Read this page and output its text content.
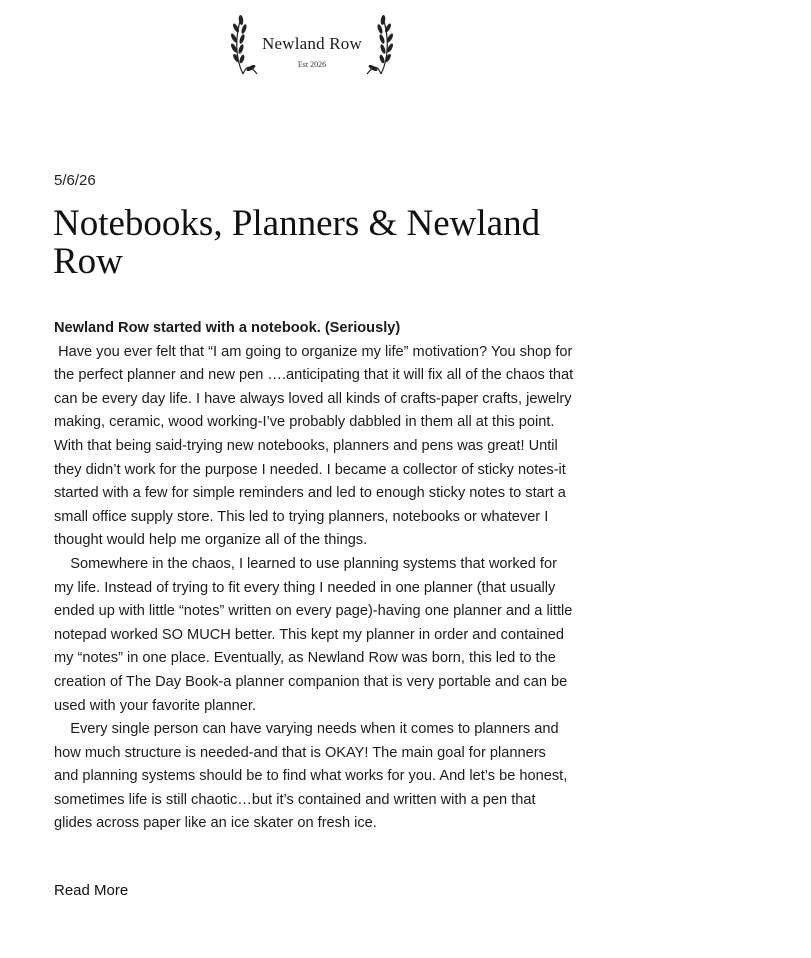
Newland Row
Est 2026
5/6/26
Notebooks, Planners & Newland Row

Newland Row started with a notebook. (Seriously)

Have you ever felt that “I am going to organize my life” motivation? You shop for the perfect planner and new pen ….anticipating that it will fix all of the chaos that can be every day life. I have always loved all kinds of crafts-paper crafts, jewelry making, ceramic, wood working-I’ve probably dabbled in them all at this point. With that being said-trying new notebooks, planners and pens was great! Until they didn’t work for the purpose I needed. I became a collector of sticky notes-it started with a few for simple reminders and led to enough sticky notes to start a small office supply store. This led to trying planners, notebooks or whatever I thought would help me organize all of the things.

Somewhere in the chaos, I learned to use planning systems that worked for my life. Instead of trying to fit every thing I needed in one planner (that usually ended up with little “notes” written on every page)-having one planner and a little notepad worked SO MUCH better. This kept my planner in order and contained my “notes” in one place. Eventually, as Newland Row was born, this led to the creation of The Day Book-a planner companion that is very portable and can be used with your favorite planner.

Every single person can have varying needs when it comes to planners and how much structure is needed-and that is OKAY! The main goal for planners and planning systems should be to find what works for you. And let’s be honest, sometimes life is still chaotic…but it’s contained and written with a pen that glides across paper like an ice skater on fresh ice.

Read More
